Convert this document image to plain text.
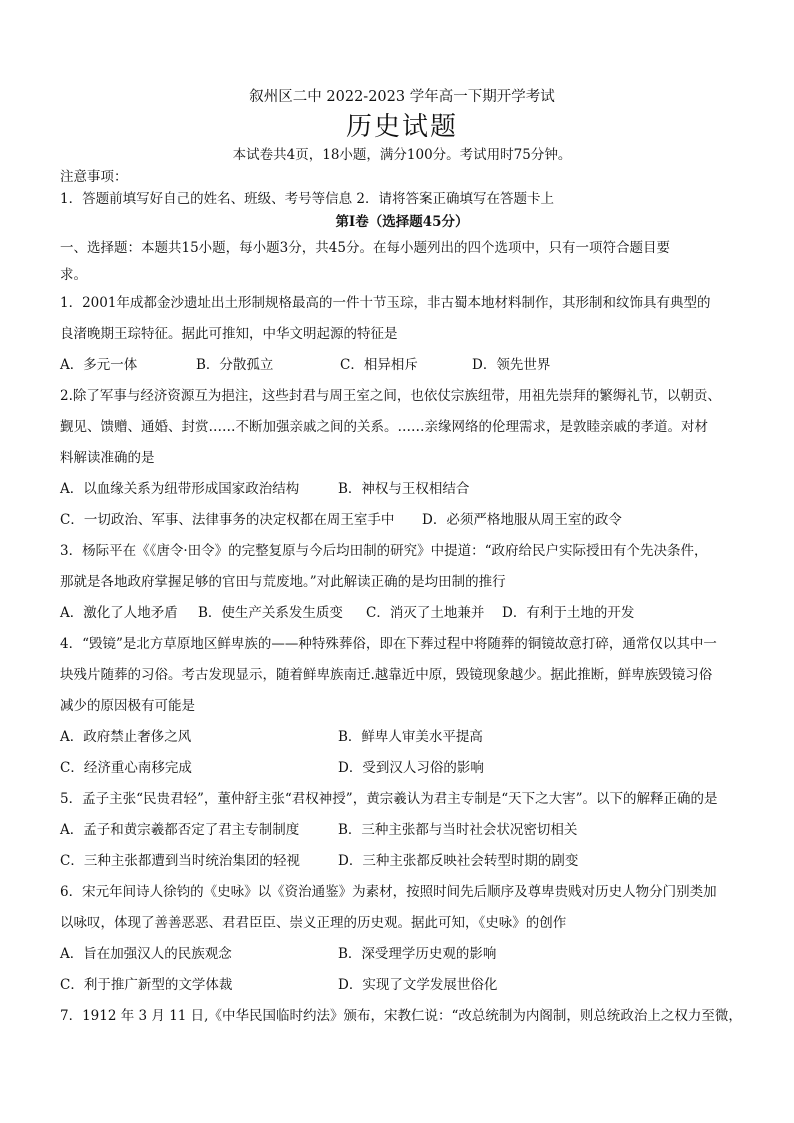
叙州区二中 2022-2023 学年高一下期开学考试
历史试题
本试卷共4页，18小题，满分100分。考试用时75分钟。
注意事项：
1．答题前填写好自己的姓名、班级、考号等信息 2．请将答案正确填写在答题卡上
第Ⅰ卷（选择题45分）
一、选择题：本题共15小题，每小题3分，共45分。在每小题列出的四个选项中，只有一项符合题目要
求。
1．2001年成都金沙遗址出土形制规格最高的一件十节玉琮，非古蜀本地材料制作，其形制和纹饰具有典型的
良渚晚期王琮特征。据此可推知，中华文明起源的特征是
A．多元一体	B．分散孤立	C．相异相斥	D．领先世界
2.除了军事与经济资源互为挹注，这些封君与周王室之间，也依仗宗族纽带，用祖先崇拜的繁缛礼节，以朝贡、
觐见、馈赠、通婚、封赏……不断加强亲戚之间的关系。……亲缘网络的伦理需求，是敦睦亲戚的孝道。对材
料解读准确的是
A．以血缘关系为纽带形成国家政治结构	B．神权与王权相结合
C．一切政治、军事、法律事务的决定权都在周王室手中	D．必须严格地服从周王室的政令
3．杨际平在《《唐令·田令》的完整复原与今后均田制的研究》中提道：“政府给民户实际授田有个先决条件，
那就是各地政府掌握足够的官田与荒废地。”对此解读正确的是均田制的推行
A．激化了人地矛盾	B．使生产关系发生质变	C．消灭了土地兼并	D．有利于土地的开发
4．“毁镜”是北方草原地区鲜卑族的——种特殊葬俗，即在下葬过程中将随葬的铜镜故意打碎，通常仅以其中一
块残片随葬的习俗。考古发现显示，随着鲜卑族南迁.越靠近中原，毁镜现象越少。据此推断，鲜卑族毁镜习俗
减少的原因极有可能是
A．政府禁止奢侈之风	B．鲜卑人审美水平提高
C．经济重心南移完成	D．受到汉人习俗的影响
5．孟子主张“民贵君轻”，董仲舒主张“君权神授”，黄宗羲认为君主专制是“天下之大害”。以下的解释正确的是
A．孟子和黄宗羲都否定了君主专制制度	B．三种主张都与当时社会状况密切相关
C．三种主张都遭到当时统治集团的轻视	D．三种主张都反映社会转型时期的剧变
6．宋元年间诗人徐钧的《史咏》以《资治通鉴》为素材，按照时间先后顺序及尊卑贵贱对历史人物分门别类加
以咏叹，体现了善善恶恶、君君臣臣、崇义正理的历史观。据此可知，《史咏》的创作
A．旨在加强汉人的民族观念	B．深受理学历史观的影响
C．利于推广新型的文学体裁	D．实现了文学发展世俗化
7．1912 年 3 月 11 日,《中华民国临时约法》颁布，宋教仁说：“改总统制为内阁制，则总统政治上之权力至微，
